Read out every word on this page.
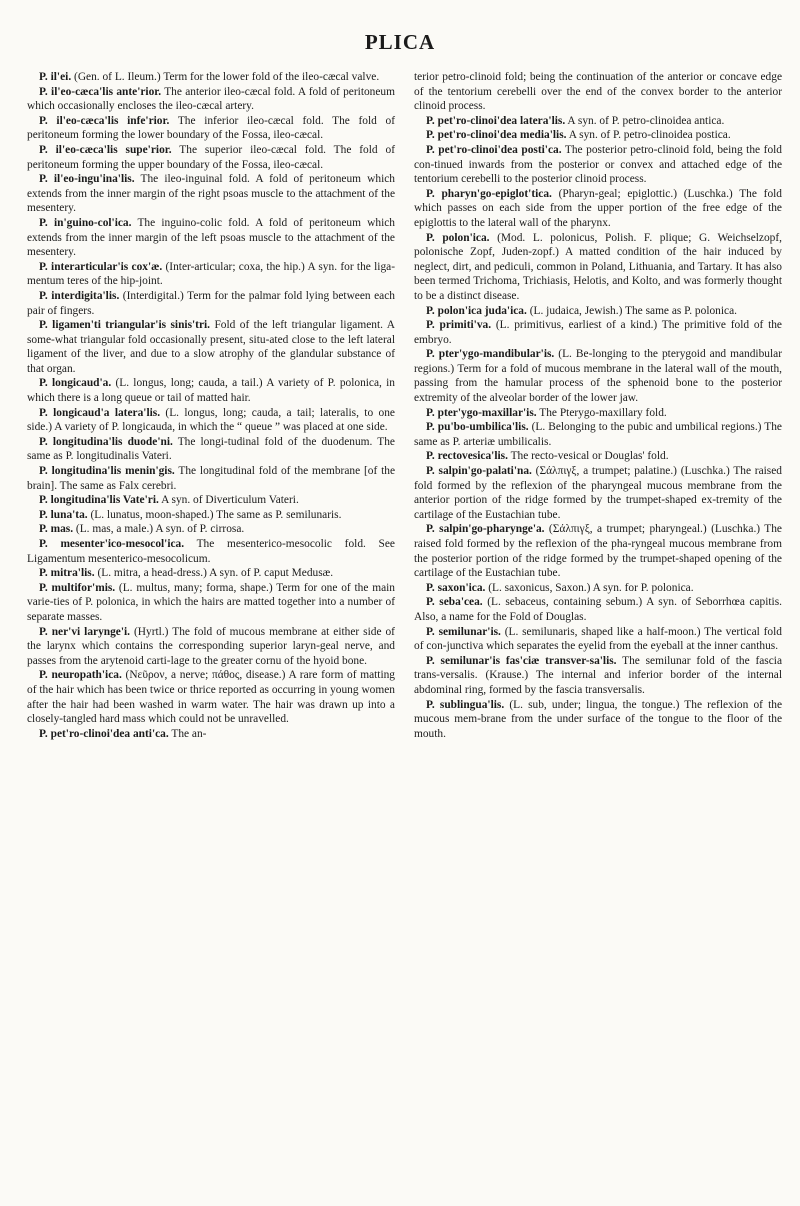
PLICA

P. il'ei. (Gen. of L. Ileum.) Term for the lower fold of the ileo-cæcal valve.

P. il'eo-cæca'lis ante'rior. The anterior ileo-cæcal fold. A fold of peritoneum which occasionally encloses the ileo-cæcal artery.

P. il'eo-cæca'lis infe'rior. The inferior ileo-cæcal fold. The fold of peritoneum forming the lower boundary of the Fossa, ileo-cæcal.

P. il'eo-cæca'lis supe'rior. The superior ileo-cæcal fold. The fold of peritoneum forming the upper boundary of the Fossa, ileo-cæcal.

P. il'eo-ingu'ina'lis. The ileo-inguinal fold. A fold of peritoneum which extends from the inner margin of the right psoas muscle to the attachment of the mesentery.

P. in'guino-col'ica. The inguino-colic fold. A fold of peritoneum which extends from the inner margin of the left psoas muscle to the attachment of the mesentery.

P. interarticular'is cox'æ. (Inter-articular; coxa, the hip.) A syn. for the liga-mentum teres of the hip-joint.

P. interdigita'lis. (Interdigital.) Term for the palmar fold lying between each pair of fingers.

P. ligamen'ti triangular'is sinis'tri. Fold of the left triangular ligament. A some-what triangular fold occasionally present, situ-ated close to the left lateral ligament of the liver, and due to a slow atrophy of the glandular substance of that organ.

P. longicaud'a. (L. longus, long; cauda, a tail.) A variety of P. polonica, in which there is a long queue or tail of matted hair.

P. longicaud'a latera'lis. (L. longus, long; cauda, a tail; lateralis, to one side.) A variety of P. longicauda, in which the “ queue ” was placed at one side.

P. longitudina'lis duode'ni. The longi-tudinal fold of the duodenum. The same as P. longitudinalis Vateri.

P. longitudina'lis menin'gis. The longitudinal fold of the membrane [of the brain]. The same as Falx cerebri.

P. longitudina'lis Vate'ri. A syn. of Diverticulum Vateri.

P. luna'ta. (L. lunatus, moon-shaped.) The same as P. semilunaris.

P. mas. (L. mas, a male.) A syn. of P. cirrosa.

P. mesenter'ico-mesocol'ica. The mesenterico-mesocolic fold. See Ligamentum mesenterico-mesocolicum.

P. mitra'lis. (L. mitra, a head-dress.) A syn. of P. caput Medusæ.

P. multifor'mis. (L. multus, many; forma, shape.) Term for one of the main varie-ties of P. polonica, in which the hairs are matted together into a number of separate masses.

P. ner'vi larynge'i. (Hyrtl.) The fold of mucous membrane at either side of the larynx which contains the corresponding superior laryn-geal nerve, and passes from the arytenoid carti-lage to the greater cornu of the hyoid bone.

P. neuropath'ica. (Νεῦρον, a nerve; πάθος, disease.) A rare form of matting of the hair which has been twice or thrice reported as occurring in young women after the hair had been washed in warm water. The hair was drawn up into a closely-tangled hard mass which could not be unravelled.

P. pet'ro-clinoi'dea anti'ca. The an-

terior petro-clinoid fold; being the continuation of the anterior or concave edge of the tentorium cerebelli over the end of the convex border to the anterior clinoid process.

P. pet'ro-clinoi'dea latera'lis. A syn. of P. petro-clinoidea antica.

P. pet'ro-clinoi'dea media'lis. A syn. of P. petro-clinoidea postica.

P. pet'ro-clinoi'dea posti'ca. The posterior petro-clinoid fold, being the fold con-tinued inwards from the posterior or convex and attached edge of the tentorium cerebelli to the posterior clinoid process.

P. pharyn'go-epiglot'tica. (Pharyn-geal; epiglottic.) (Luschka.) The fold which passes on each side from the upper portion of the free edge of the epiglottis to the lateral wall of the pharynx.

P. polon'ica. (Mod. L. polonicus, Polish. F. plique; G. Weichselzopf, polonische Zopf, Juden-zopf.) A matted condition of the hair induced by neglect, dirt, and pediculi, common in Poland, Lithuania, and Tartary. It has also been termed Trichoma, Trichiasis, Helotis, and Kolto, and was formerly thought to be a distinct disease.

P. polon'ica juda'ica. (L. judaica, Jewish.) The same as P. polonica.

P. primiti'va. (L. primitivus, earliest of a kind.) The primitive fold of the embryo.

P. pter'ygo-mandibular'is. (L. Be-longing to the pterygoid and mandibular regions.) Term for a fold of mucous membrane in the lateral wall of the mouth, passing from the hamular process of the sphenoid bone to the posterior extremity of the alveolar border of the lower jaw.

P. pter'ygo-maxillar'is. The Pterygo-maxillary fold.

P. pu'bo-umbilica'lis. (L. Belonging to the pubic and umbilical regions.) The same as P. arteriæ umbilicalis.

P. rectovesica'lis. The recto-vesical or Douglas' fold.

P. salpin'go-palati'na. (Σάλπιγξ, a trumpet; palatine.) (Luschka.) The raised fold formed by the reflexion of the pharyngeal mucous membrane from the anterior portion of the ridge formed by the trumpet-shaped ex-tremity of the cartilage of the Eustachian tube.

P. salpin'go-pharynge'a. (Σάλπιγξ, a trumpet; pharyngeal.) (Luschka.) The raised fold formed by the reflexion of the pha-ryngeal mucous membrane from the posterior portion of the ridge formed by the trumpet-shaped opening of the cartilage of the Eustachian tube.

P. saxon'ica. (L. saxonicus, Saxon.) A syn. for P. polonica.

P. seba'cea. (L. sebaceus, containing sebum.) A syn. of Seborrhœa capitis. Also, a name for the Fold of Douglas.

P. semilunar'is. (L. semilunaris, shaped like a half-moon.) The vertical fold of con-junctiva which separates the eyelid from the eyeball at the inner canthus.

P. semilunar'is fas'ciæ transver-sa'lis. The semilunar fold of the fascia trans-versalis. (Krause.) The internal and inferior border of the internal abdominal ring, formed by the fascia transversalis.

P. sublingua'lis. (L. sub, under; lingua, the tongue.) The reflexion of the mucous mem-brane from the under surface of the tongue to the floor of the mouth.
